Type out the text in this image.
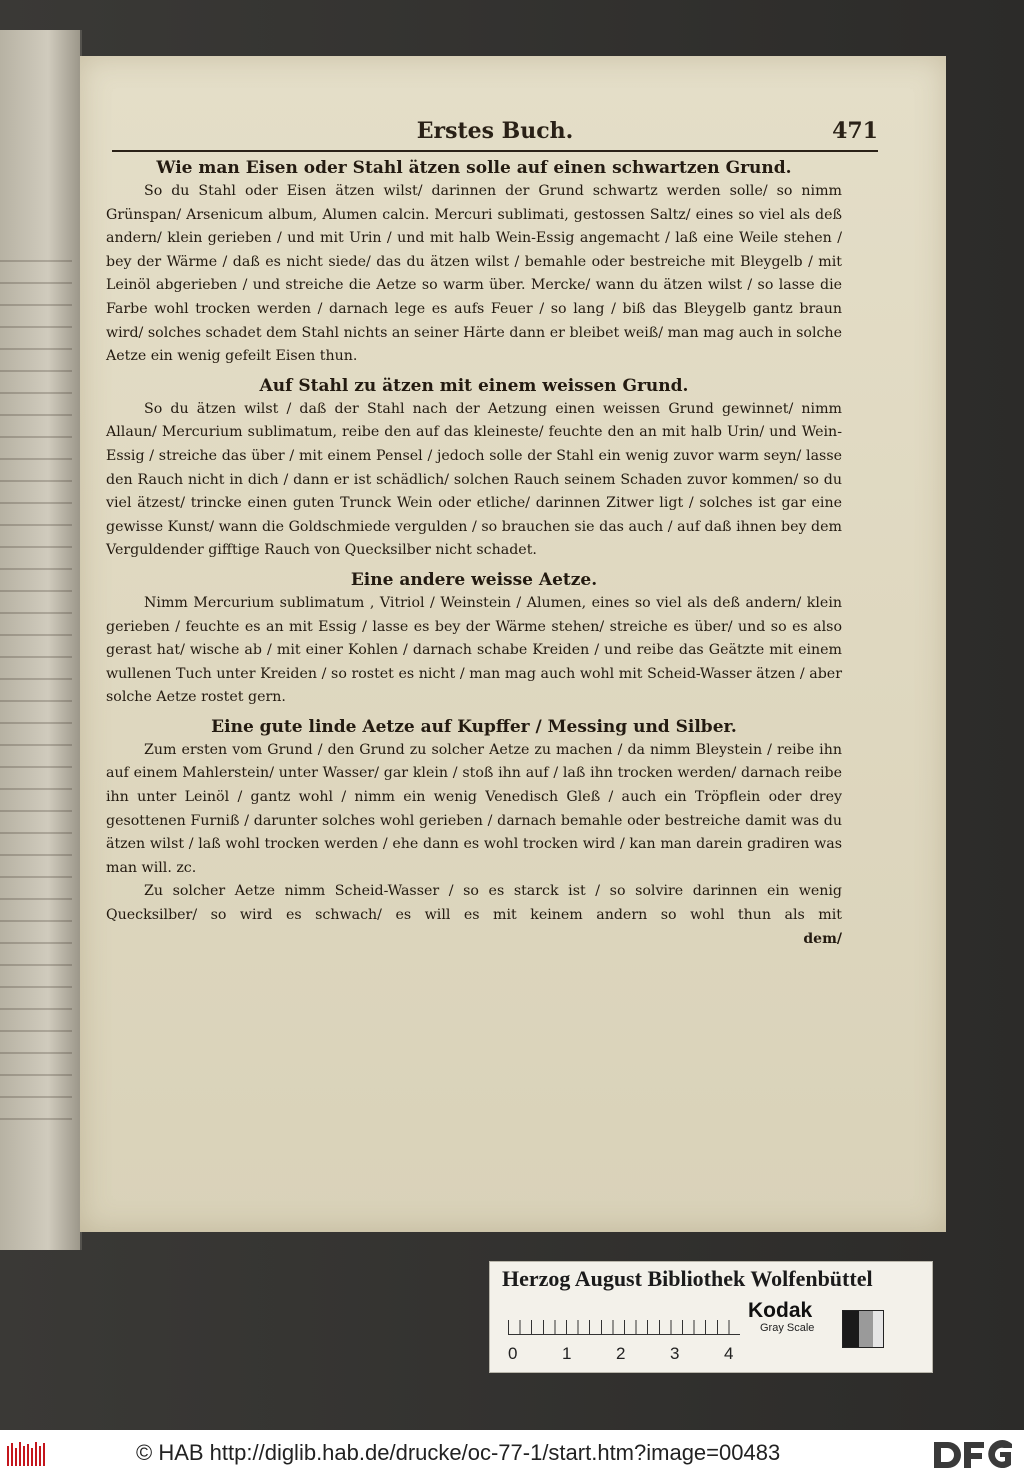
Erstes Buch.	471
Wie man Eisen oder Stahl ätzen solle auf einen schwartzen Grund.

So du Stahl oder Eisen ätzen wilst/ darinnen der Grund schwartz werden solle/ so nimm Grünspan/ Arsenicum album, Alumen calcin. Mercuri sublimati, gestossen Saltz/ eines so viel als deß andern/ klein gerieben / und mit Urin / und mit halb Wein-Essig angemacht / laß eine Weile stehen / bey der Wärme / daß es nicht siede/ das du ätzen wilst / bemahle oder bestreiche mit Bleygelb / mit Leinöl abgerieben / und streiche die Aetze so warm über. Mercke/ wann du ätzen wilst / so lasse die Farbe wohl trocken werden / darnach lege es aufs Feuer / so lang / biß das Bleygelb gantz braun wird/ solches schadet dem Stahl nichts an seiner Härte dann er bleibet weiß/ man mag auch in solche Aetze ein wenig gefeilt Eisen thun.

Auf Stahl zu ätzen mit einem weissen Grund.

So du ätzen wilst / daß der Stahl nach der Aetzung einen weissen Grund gewinnet/ nimm Allaun/ Mercurium sublimatum, reibe den auf das kleineste/ feuchte den an mit halb Urin/ und Wein-Essig / streiche das über / mit einem Pensel / jedoch solle der Stahl ein wenig zuvor warm seyn/ lasse den Rauch nicht in dich / dann er ist schädlich/ solchen Rauch seinem Schaden zuvor kommen/ so du viel ätzest/ trincke einen guten Trunck Wein oder etliche/ darinnen Zitwer ligt / solches ist gar eine gewisse Kunst/ wann die Goldschmiede vergulden / so brauchen sie das auch / auf daß ihnen bey dem Verguldender gifftige Rauch von Quecksilber nicht schadet.

Eine andere weisse Aetze.

Nimm Mercurium sublimatum , Vitriol / Weinstein / Alumen, eines so viel als deß andern/ klein gerieben / feuchte es an mit Essig / lasse es bey der Wärme stehen/ streiche es über/ und so es also gerast hat/ wische ab / mit einer Kohlen / darnach schabe Kreiden / und reibe das Geätzte mit einem wullenen Tuch unter Kreiden / so rostet es nicht / man mag auch wohl mit Scheid-Wasser ätzen / aber solche Aetze rostet gern.

Eine gute linde Aetze auf Kupffer / Messing und Silber.

Zum ersten vom Grund / den Grund zu solcher Aetze zu machen / da nimm Bleystein / reibe ihn auf einem Mahlerstein/ unter Wasser/ gar klein / stoß ihn auf / laß ihn trocken werden/ darnach reibe ihn unter Leinöl / gantz wohl / nimm ein wenig Venedisch Gleß / auch ein Tröpflein oder drey gesottenen Furniß / darunter solches wohl gerieben / darnach bemahle oder bestreiche damit was du ätzen wilst / laß wohl trocken werden / ehe dann es wohl trocken wird / kan man darein gradiren was man will. zc.

Zu solcher Aetze nimm Scheid-Wasser / so es starck ist / so solvire darinnen ein wenig Quecksilber/ so wird es schwach/ es will es mit keinem andern so wohl thun als mit

dem/

Herzog August Bibliothek Wolfenbüttel
0	1	2	3	4
Kodak
Gray Scale
© HAB http://diglib.hab.de/drucke/oc-77-1/start.htm?image=00483
